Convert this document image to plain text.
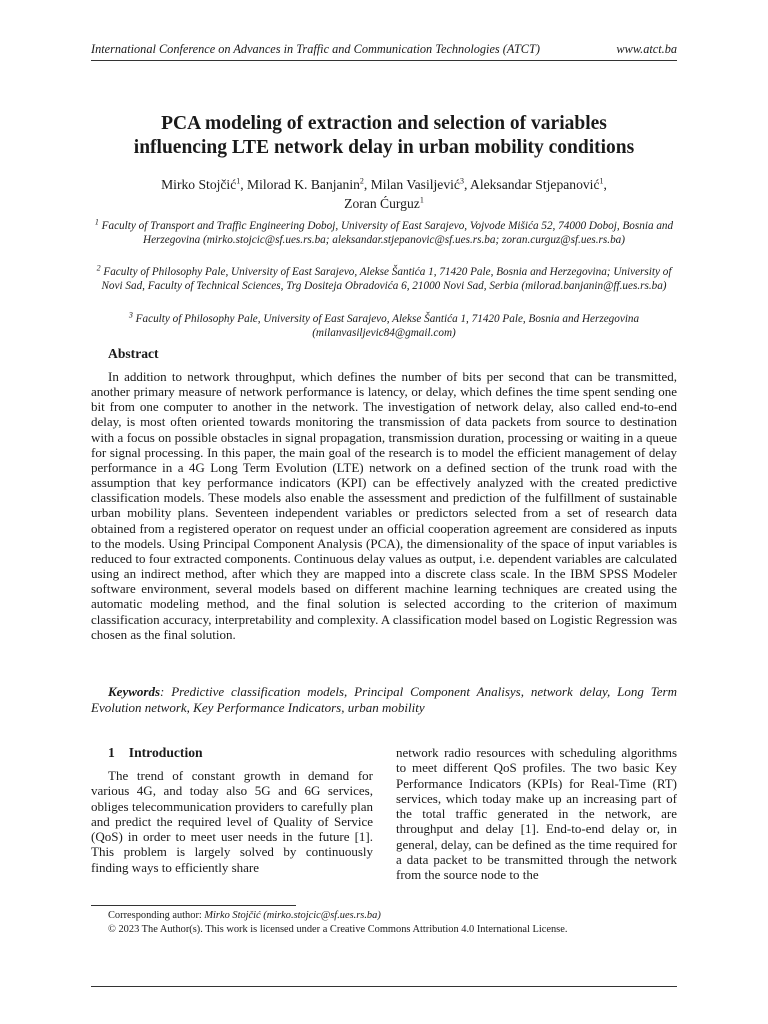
International Conference on Advances in Traffic and Communication Technologies (ATCT)	www.atct.ba
PCA modeling of extraction and selection of variables
influencing LTE network delay in urban mobility conditions
Mirko Stojčić$^1$, Milorad K. Banjanin$^2$, Milan Vasiljević$^3$, Aleksandar Stjepanović$^1$,
Zoran Ćurguz$^1$
$^1$ Faculty of Transport and Traffic Engineering Doboj, University of East Sarajevo, Vojvode Mišića 52, 74000 Doboj, Bosnia and Herzegovina (mirko.stojcic@sf.ues.rs.ba; aleksandar.stjepanovic@sf.ues.rs.ba; zoran.curguz@sf.ues.rs.ba)
$^2$ Faculty of Philosophy Pale, University of East Sarajevo, Alekse Šantića 1, 71420 Pale, Bosnia and Herzegovina; University of Novi Sad, Faculty of Technical Sciences, Trg Dositeja Obradovića 6, 21000 Novi Sad, Serbia (milorad.banjanin@ff.ues.rs.ba)
$^3$ Faculty of Philosophy Pale, University of East Sarajevo, Alekse Šantića 1, 71420 Pale, Bosnia and Herzegovina (milanvasiljevic84@gmail.com)
Abstract

In addition to network throughput, which defines the number of bits per second that can be transmitted, another primary measure of network performance is latency, or delay, which defines the time spent sending one bit from one computer to another in the network. The investigation of network delay, also called end-to-end delay, is most often oriented towards monitoring the transmission of data packets from source to destination with a focus on possible obstacles in signal propagation, transmission duration, processing or waiting in a queue for signal processing. In this paper, the main goal of the research is to model the efficient management of delay performance in a 4G Long Term Evolution (LTE) network on a defined section of the trunk road with the assumption that key performance indicators (KPI) can be effectively analyzed with the created predictive classification models. These models also enable the assessment and prediction of the fulfillment of sustainable urban mobility plans. Seventeen independent variables or predictors selected from a set of research data obtained from a registered operator on request under an official cooperation agreement are considered as inputs to the models. Using Principal Component Analysis (PCA), the dimensionality of the space of input variables is reduced to four extracted components. Continuous delay values as output, i.e. dependent variables are calculated using an indirect method, after which they are mapped into a discrete class scale. In the IBM SPSS Modeler software environment, several models based on different machine learning techniques are created using the automatic modeling method, and the final solution is selected according to the criterion of maximum classification accuracy, interpretability and complexity. A classification model based on Logistic Regression was chosen as the final solution.

Keywords: Predictive classification models, Principal Component Analisys, network delay, Long Term Evolution network, Key Performance Indicators, urban mobility

1 Introduction

The trend of constant growth in demand for various 4G, and today also 5G and 6G services, obliges telecommunication providers to carefully plan and predict the required level of Quality of Service (QoS) in order to meet user needs in the future [1]. This problem is largely solved by continuously finding ways to efficiently share

network radio resources with scheduling algorithms to meet different QoS profiles. The two basic Key Performance Indicators (KPIs) for Real-Time (RT) services, which today make up an increasing part of the total traffic generated in the network, are throughput and delay [1]. End-to-end delay or, in general, delay, can be defined as the time required for a data packet to be transmitted through the network from the source node to the

Corresponding author: Mirko Stojčić (mirko.stojcic@sf.ues.rs.ba)
© 2023 The Author(s). This work is licensed under a Creative Commons Attribution 4.0 International License.
